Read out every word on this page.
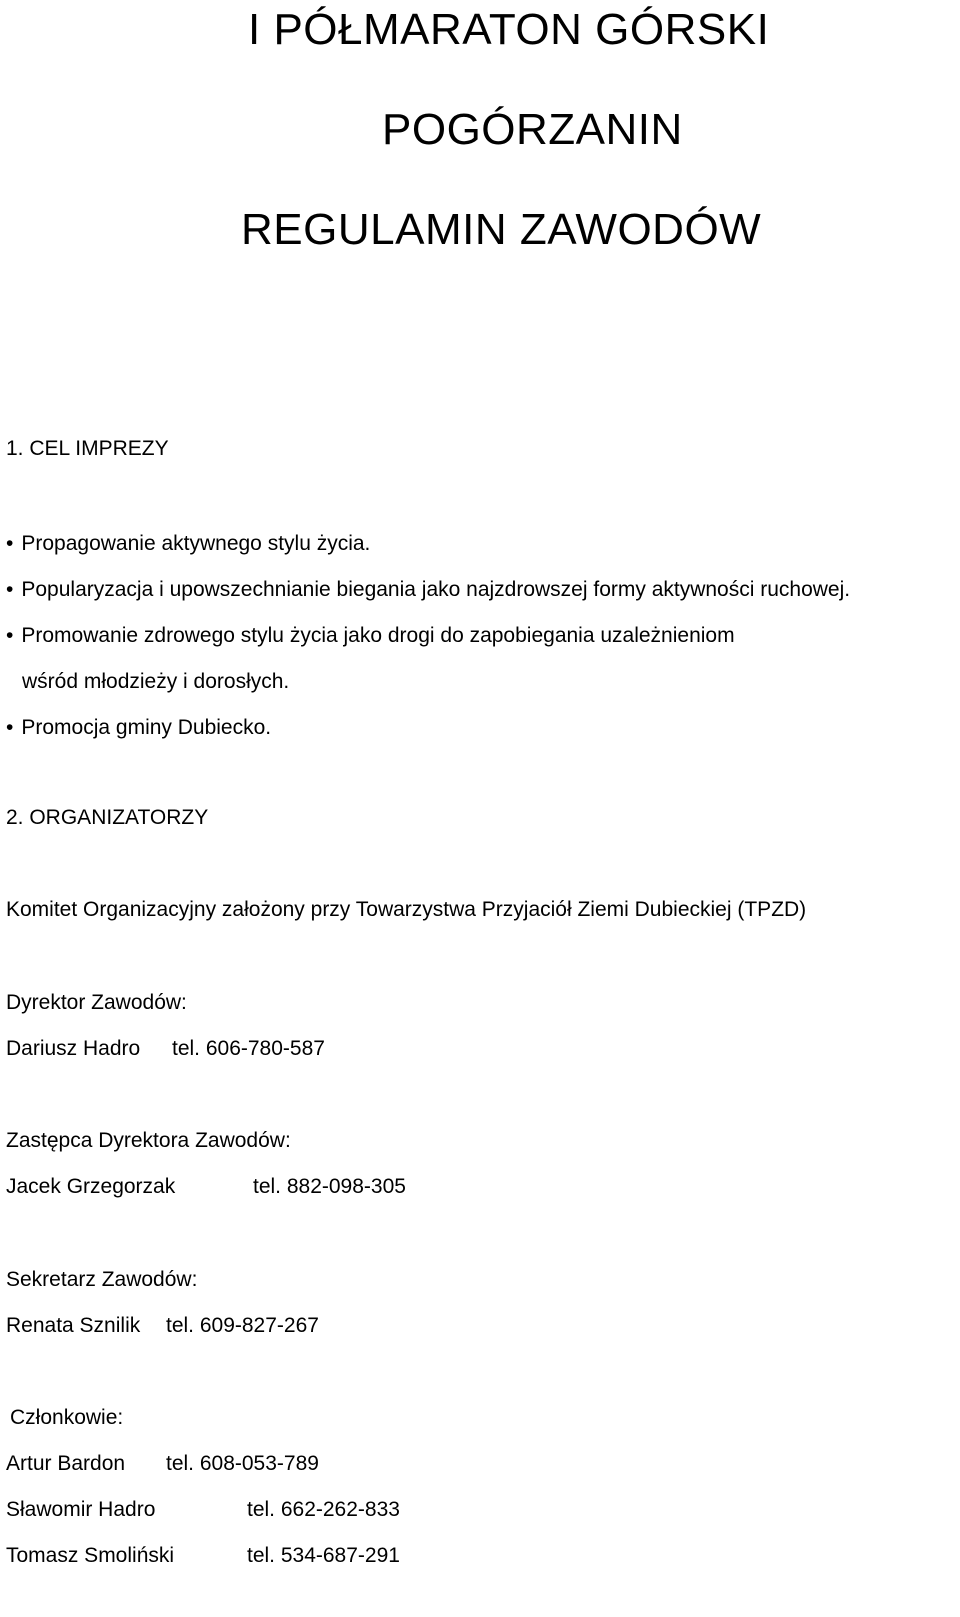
I PÓŁMARATON GÓRSKI
POGÓRZANIN
REGULAMIN ZAWODÓW
1. CEL IMPREZY
• Propagowanie aktywnego stylu życia.
• Popularyzacja i upowszechnianie biegania jako najzdrowszej formy aktywności ruchowej.
• Promowanie zdrowego stylu życia jako drogi do zapobiegania uzależnieniom
wśród młodzieży i dorosłych.
• Promocja gminy Dubiecko.
2. ORGANIZATORZY
Komitet Organizacyjny założony przy Towarzystwa Przyjaciół Ziemi Dubieckiej (TPZD)
Dyrektor Zawodów:
Dariusz Hadro tel. 606-780-587
Zastępca Dyrektora Zawodów:
Jacek Grzegorzak	tel. 882-098-305
Sekretarz Zawodów:
Renata Sznilik tel. 609-827-267
Członkowie:
Artur Bardon tel. 608-053-789
Sławomir Hadro	tel. 662-262-833
Tomasz Smoliński	tel. 534-687-291
